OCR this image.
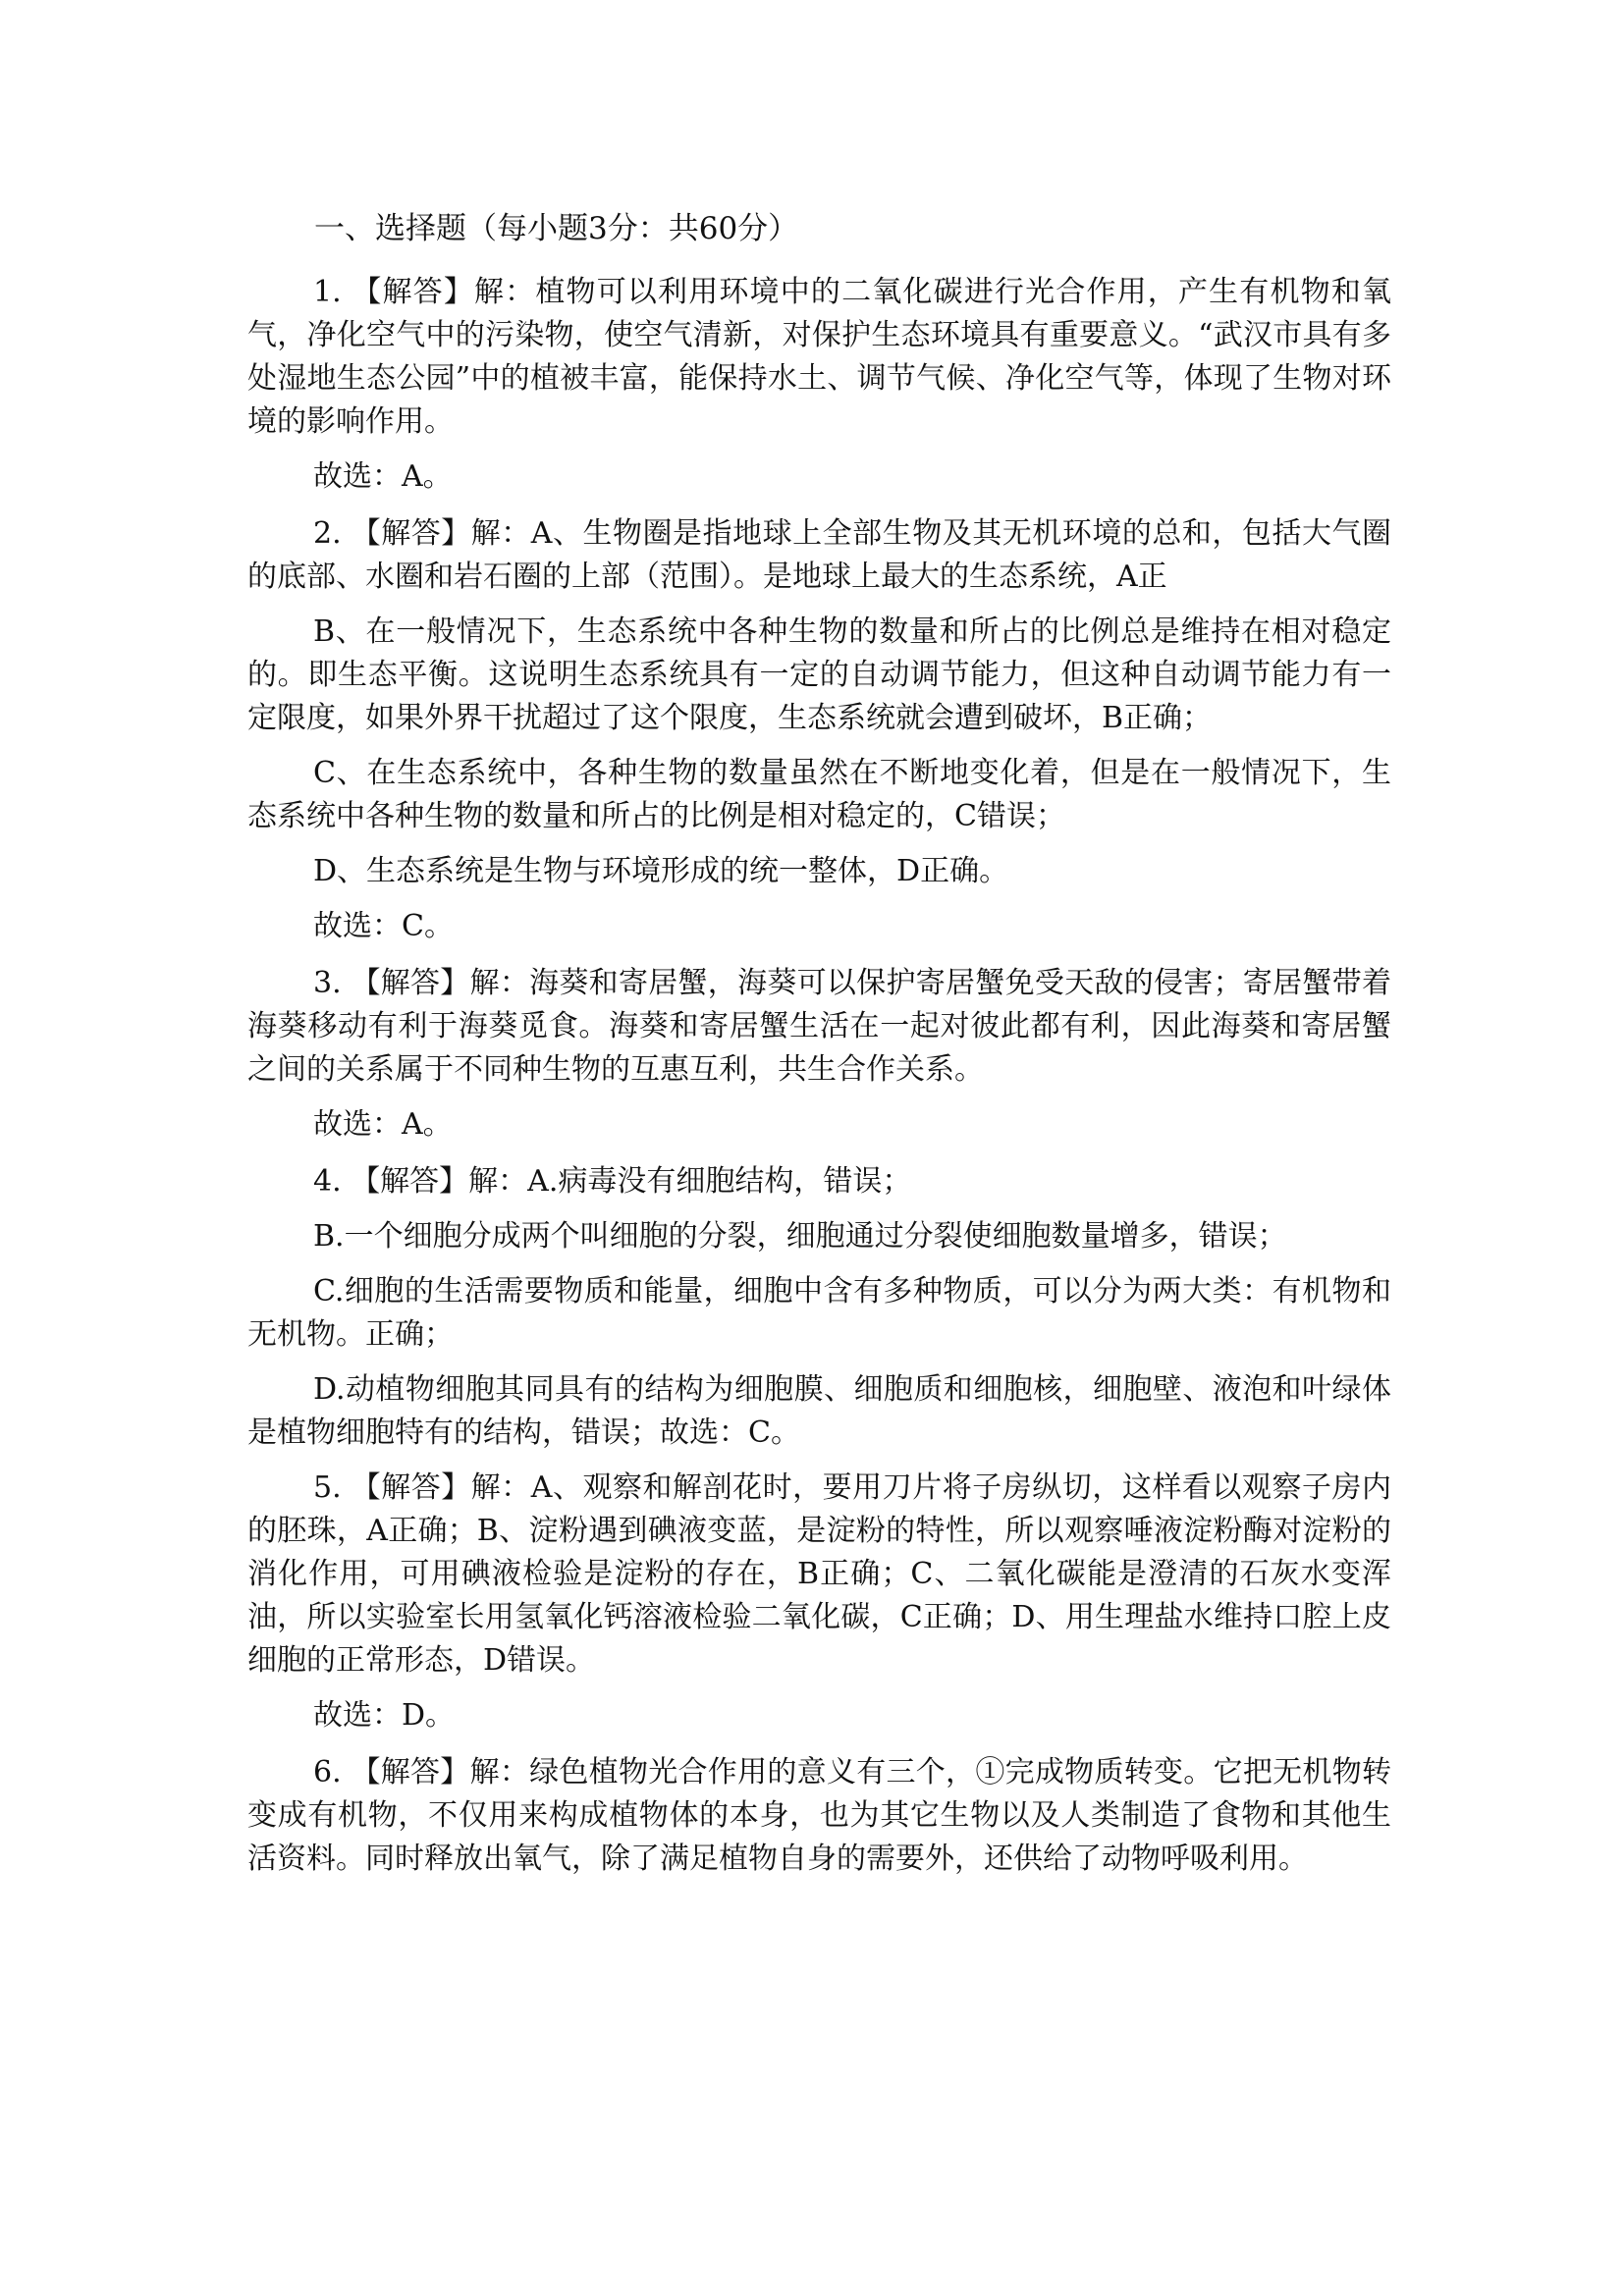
一、选择题（每小题3分：共60分）

1. 【解答】解：植物可以利用环境中的二氧化碳进行光合作用，产生有机物和氧气，净化空气中的污染物，使空气清新，对保护生态环境具有重要意义。“武汉市具有多处湿地生态公园”中的植被丰富，能保持水土、调节气候、净化空气等，体现了生物对环境的影响作用。

故选：A。

2. 【解答】解：A、生物圈是指地球上全部生物及其无机环境的总和，包括大气圈的底部、水圈和岩石圈的上部（范围）。是地球上最大的生态系统，A正

B、在一般情况下，生态系统中各种生物的数量和所占的比例总是维持在相对稳定的。即生态平衡。这说明生态系统具有一定的自动调节能力，但这种自动调节能力有一定限度，如果外界干扰超过了这个限度，生态系统就会遭到破坏，B正确；

C、在生态系统中，各种生物的数量虽然在不断地变化着，但是在一般情况下，生态系统中各种生物的数量和所占的比例是相对稳定的，C错误；

D、生态系统是生物与环境形成的统一整体，D正确。

故选：C。

3. 【解答】解：海葵和寄居蟹，海葵可以保护寄居蟹免受天敌的侵害；寄居蟹带着海葵移动有利于海葵觅食。海葵和寄居蟹生活在一起对彼此都有利，因此海葵和寄居蟹之间的关系属于不同种生物的互惠互利，共生合作关系。

故选：A。

4. 【解答】解：A.病毒没有细胞结构，错误；

B.一个细胞分成两个叫细胞的分裂，细胞通过分裂使细胞数量增多，错误；

C.细胞的生活需要物质和能量，细胞中含有多种物质，可以分为两大类：有机物和无机物。正确；

D.动植物细胞其同具有的结构为细胞膜、细胞质和细胞核，细胞壁、液泡和叶绿体是植物细胞特有的结构，错误；故选：C。

5. 【解答】解：A、观察和解剖花时，要用刀片将子房纵切，这样看以观察子房内的胚珠，A正确；B、淀粉遇到碘液变蓝，是淀粉的特性，所以观察唾液淀粉酶对淀粉的消化作用，可用碘液检验是淀粉的存在，B正确；C、二氧化碳能是澄清的石灰水变浑油，所以实验室长用氢氧化钙溶液检验二氧化碳，C正确；D、用生理盐水维持口腔上皮细胞的正常形态，D错误。

故选：D。

6. 【解答】解：绿色植物光合作用的意义有三个，①完成物质转变。它把无机物转变成有机物，不仅用来构成植物体的本身，也为其它生物以及人类制造了食物和其他生活资料。同时释放出氧气，除了满足植物自身的需要外，还供给了动物呼吸利用。
